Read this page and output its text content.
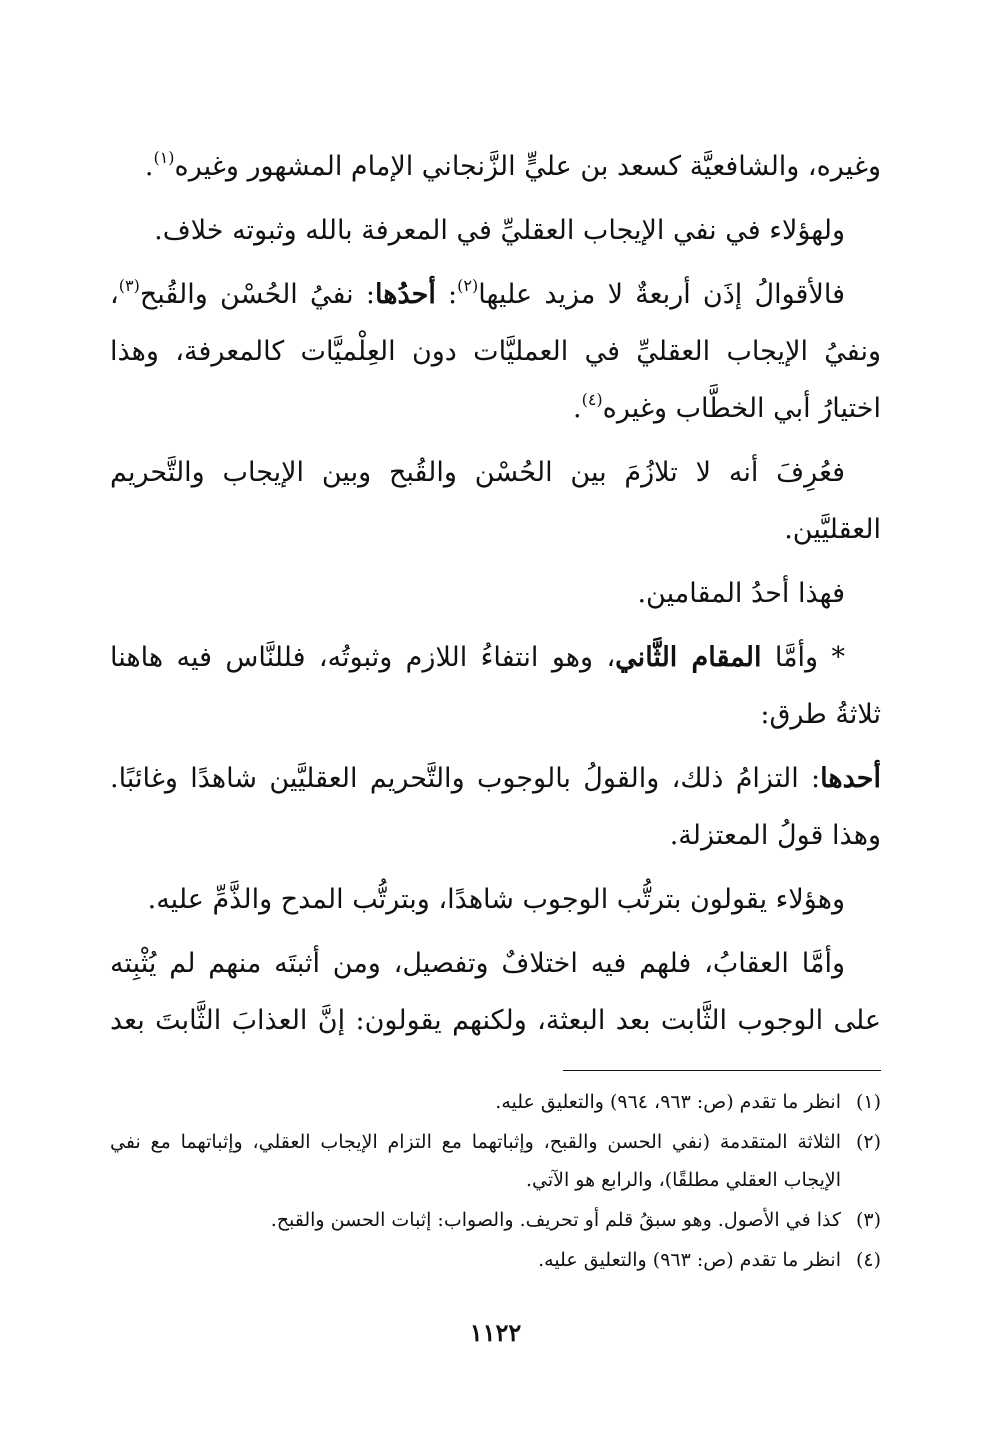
وغيره، والشافعيَّة كسعد بن عليٍّ الزَّنجاني الإمام المشهور وغيره$^{(١)}$.

ولهؤلاء في نفي الإيجاب العقليِّ في المعرفة بالله وثبوته خلاف.

فالأقوالُ إذَن أربعةٌ لا مزيد عليها$^{(٢)}$: أحدُها: نفيُ الحُسْن والقُبح$^{(٣)}$، ونفيُ الإيجاب العقليِّ في العمليَّات دون العِلْميَّات كالمعرفة، وهذا اختيارُ أبي الخطَّاب وغيره$^{(٤)}$.

فعُرِفَ أنه لا تلازُمَ بين الحُسْن والقُبح وبين الإيجاب والتَّحريم العقليَّين.

فهذا أحدُ المقامين.

* وأمَّا المقام الثَّاني، وهو انتفاءُ اللازم وثبوتُه، فللنَّاس فيه هاهنا ثلاثةُ طرق:

أحدها: التزامُ ذلك، والقولُ بالوجوب والتَّحريم العقليَّين شاهدًا وغائبًا. وهذا قولُ المعتزلة.

وهؤلاء يقولون بترتُّب الوجوب شاهدًا، وبترتُّب المدح والذَّمِّ عليه.

وأمَّا العقابُ، فلهم فيه اختلافٌ وتفصيل، ومن أثبتَه منهم لم يُثْبِته على الوجوب الثَّابت بعد البعثة، ولكنهم يقولون: إنَّ العذابَ الثَّابتَ بعد

(١)
انظر ما تقدم (ص: ٩٦٣، ٩٦٤) والتعليق عليه.
(٢)
الثلاثة المتقدمة (نفي الحسن والقبح، وإثباتهما مع التزام الإيجاب العقلي، وإثباتهما مع نفي الإيجاب العقلي مطلقًا)، والرابع هو الآتي.
(٣)
كذا في الأصول. وهو سبقُ قلم أو تحريف. والصواب: إثبات الحسن والقبح.
(٤)
انظر ما تقدم (ص: ٩٦٣) والتعليق عليه.
١١٢٢
